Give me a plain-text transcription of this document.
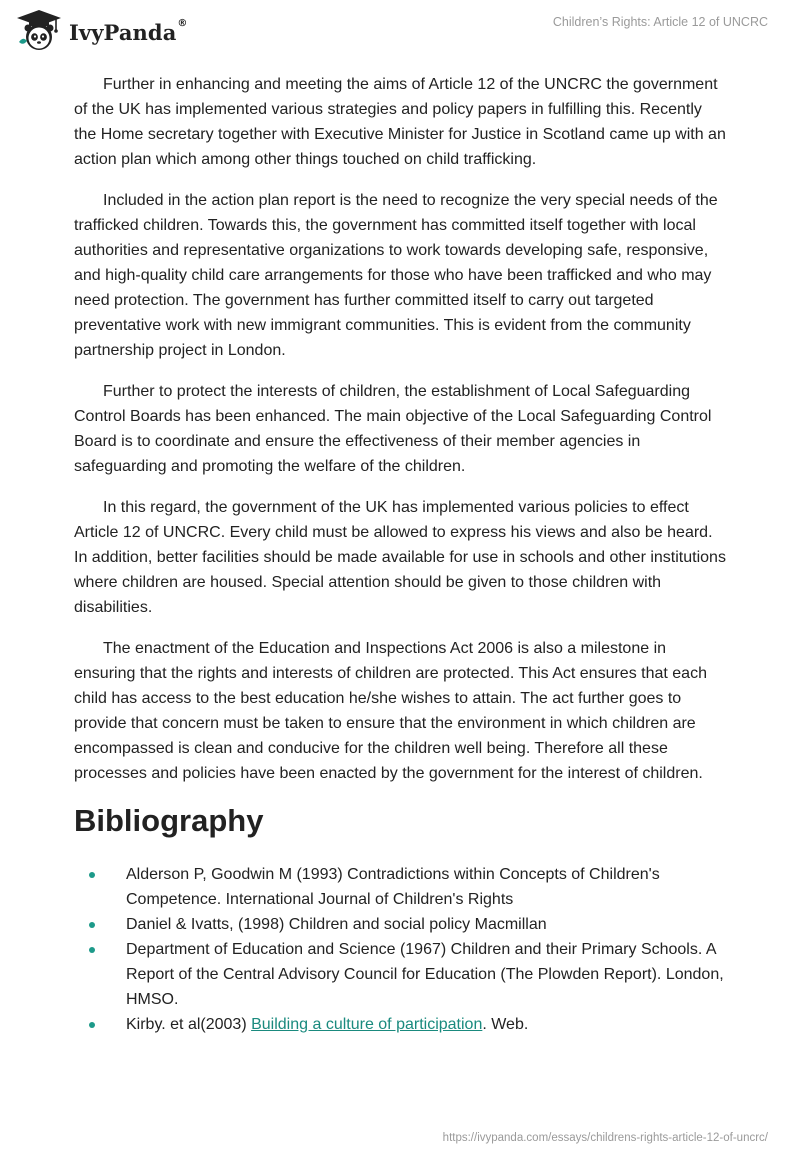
IvyPanda®	Children’s Rights: Article 12 of UNCRC

Further in enhancing and meeting the aims of Article 12 of the UNCRC the government of the UK has implemented various strategies and policy papers in fulfilling this. Recently the Home secretary together with Executive Minister for Justice in Scotland came up with an action plan which among other things touched on child trafficking.

Included in the action plan report is the need to recognize the very special needs of the trafficked children. Towards this, the government has committed itself together with local authorities and representative organizations to work towards developing safe, responsive, and high-quality child care arrangements for those who have been trafficked and who may need protection. The government has further committed itself to carry out targeted preventative work with new immigrant communities. This is evident from the community partnership project in London.

Further to protect the interests of children, the establishment of Local Safeguarding Control Boards has been enhanced. The main objective of the Local Safeguarding Control Board is to coordinate and ensure the effectiveness of their member agencies in safeguarding and promoting the welfare of the children.

In this regard, the government of the UK has implemented various policies to effect Article 12 of UNCRC. Every child must be allowed to express his views and also be heard. In addition, better facilities should be made available for use in schools and other institutions where children are housed. Special attention should be given to those children with disabilities.

The enactment of the Education and Inspections Act 2006 is also a milestone in ensuring that the rights and interests of children are protected. This Act ensures that each child has access to the best education he/she wishes to attain. The act further goes to provide that concern must be taken to ensure that the environment in which children are encompassed is clean and conducive for the children well being. Therefore all these processes and policies have been enacted by the government for the interest of children.

Bibliography
Alderson P, Goodwin M (1993) Contradictions within Concepts of Children's Competence. International Journal of Children's Rights
Daniel & Ivatts, (1998) Children and social policy Macmillan
Department of Education and Science (1967) Children and their Primary Schools. A Report of the Central Advisory Council for Education (The Plowden Report). London, HMSO.
Kirby. et al(2003) Building a culture of participation. Web.
https://ivypanda.com/essays/childrens-rights-article-12-of-uncrc/
